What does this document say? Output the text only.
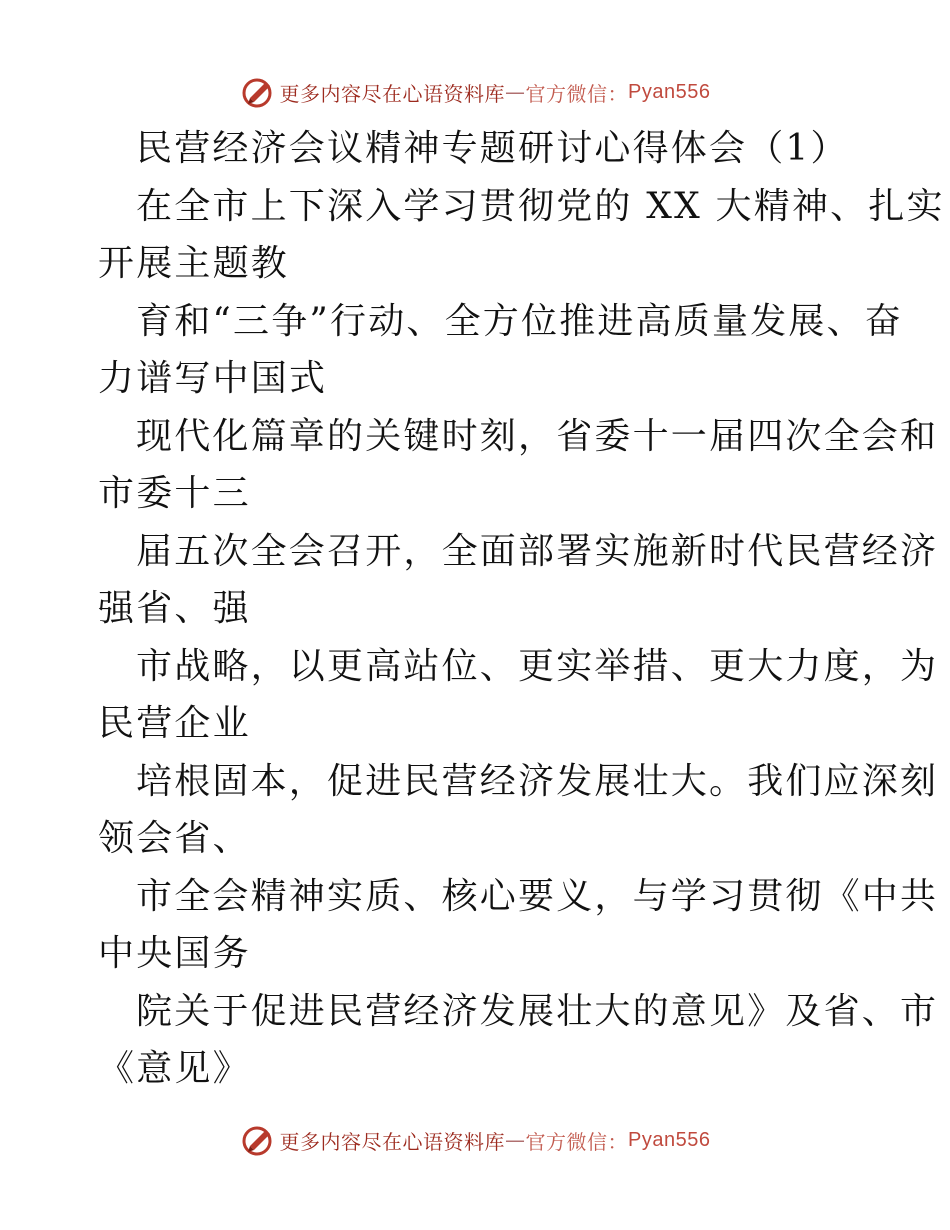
更多内容尽在心语资料库 — 官方微信： Pyan556
民营经济会议精神专题研讨心得体会（1）
在全市上下深入学习贯彻党的 XX 大精神、扎实
开展主题教
育和“三争”行动、全方位推进高质量发展、奋
力谱写中国式
现代化篇章的关键时刻，省委十一届四次全会和
市委十三
届五次全会召开，全面部署实施新时代民营经济
强省、强
市战略，以更高站位、更实举措、更大力度，为
民营企业
培根固本，促进民营经济发展壮大。我们应深刻
领会省、
市全会精神实质、核心要义，与学习贯彻《中共
中央国务
院关于促进民营经济发展壮大的意见》及省、市
《意见》
更多内容尽在心语资料库 — 官方微信： Pyan556
